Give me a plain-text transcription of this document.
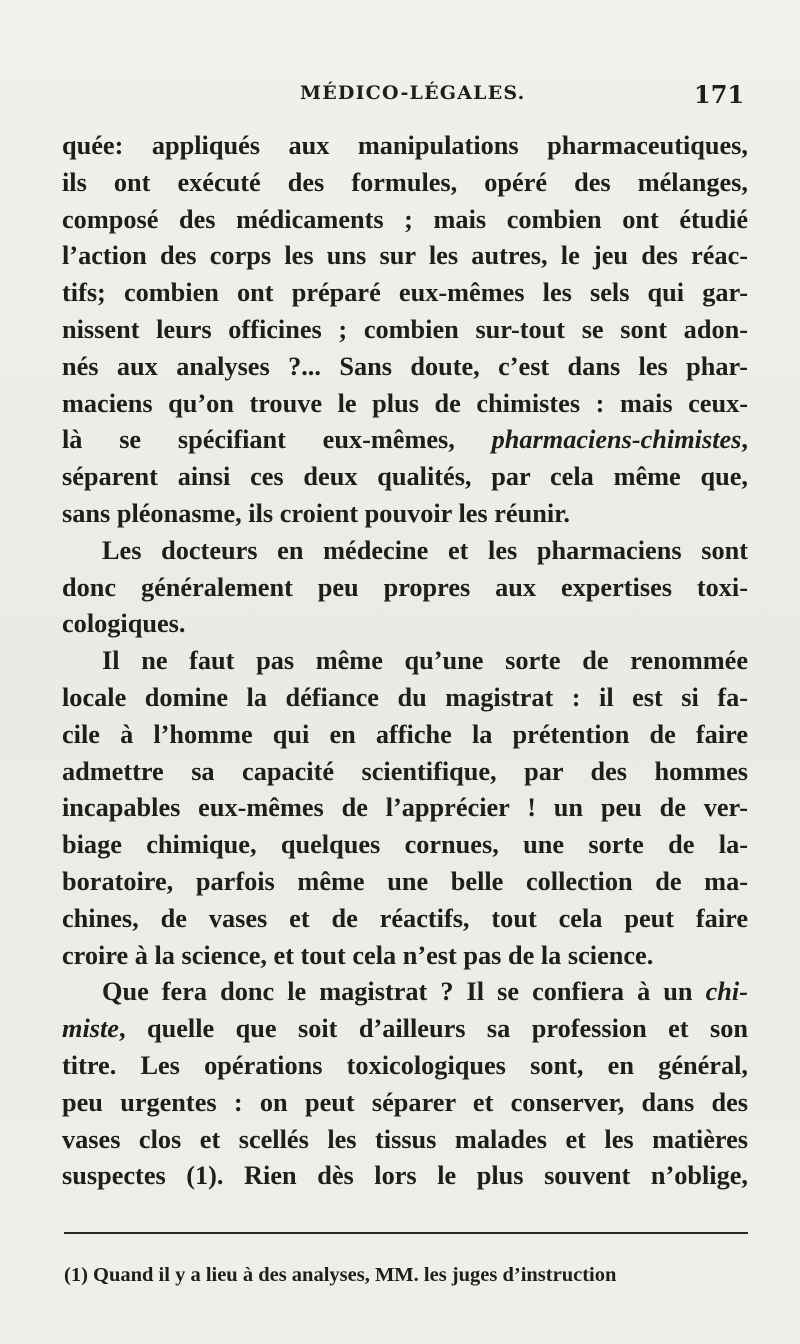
MÉDICO-LÉGALES.	171
quée: appliqués aux manipulations pharmaceutiques,
ils ont exécuté des formules, opéré des mélanges,
composé des médicaments ; mais combien ont étudié
l’action des corps les uns sur les autres, le jeu des réac-
tifs; combien ont préparé eux-mêmes les sels qui gar-
nissent leurs officines ; combien sur-tout se sont adon-
nés aux analyses ?... Sans doute, c’est dans les phar-
maciens qu’on trouve le plus de chimistes : mais ceux-
là se spécifiant eux-mêmes, pharmaciens-chimistes,
séparent ainsi ces deux qualités, par cela même que,
sans pléonasme, ils croient pouvoir les réunir.
Les docteurs en médecine et les pharmaciens sont
donc généralement peu propres aux expertises toxi-
cologiques.
Il ne faut pas même qu’une sorte de renommée
locale domine la défiance du magistrat : il est si fa-
cile à l’homme qui en affiche la prétention de faire
admettre sa capacité scientifique, par des hommes
incapables eux-mêmes de l’apprécier ! un peu de ver-
biage chimique, quelques cornues, une sorte de la-
boratoire, parfois même une belle collection de ma-
chines, de vases et de réactifs, tout cela peut faire
croire à la science, et tout cela n’est pas de la science.
Que fera donc le magistrat ? Il se confiera à un chi-
miste, quelle que soit d’ailleurs sa profession et son
titre. Les opérations toxicologiques sont, en général,
peu urgentes : on peut séparer et conserver, dans des
vases clos et scellés les tissus malades et les matières
suspectes (1). Rien dès lors le plus souvent n’oblige,
(1) Quand il y a lieu à des analyses, MM. les juges d’instruction
